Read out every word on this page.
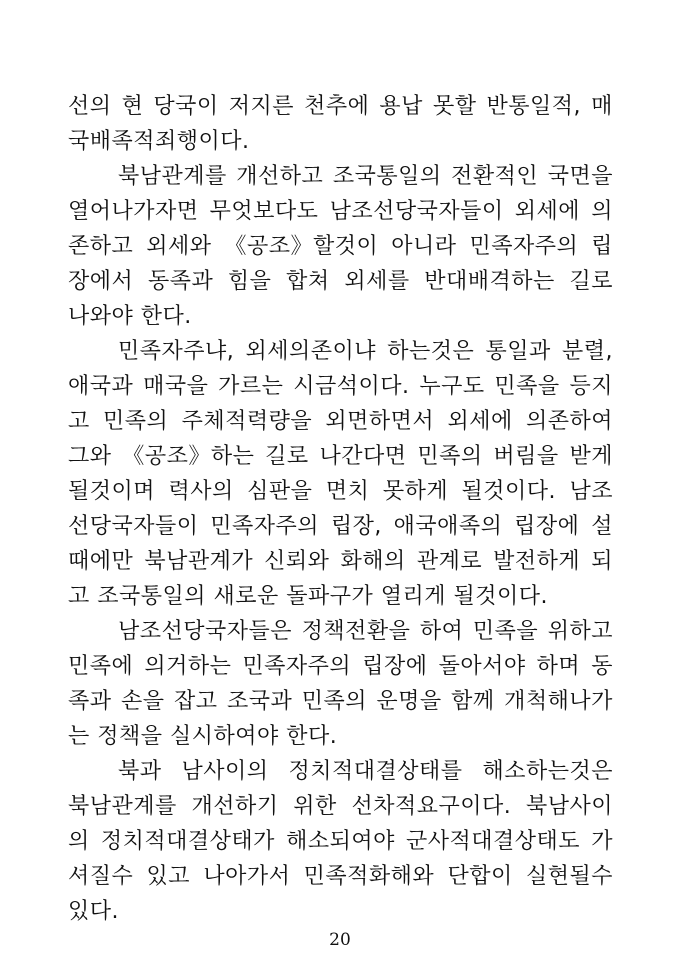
선의 현 당국이 저지른 천추에 용납 못할 반통일적, 매
국배족적죄행이다.
북남관계를 개선하고 조국통일의 전환적인 국면을
열어나가자면 무엇보다도 남조선당국자들이 외세에 의
존하고 외세와 《공조》할것이 아니라 민족자주의 립
장에서 동족과 힘을 합쳐 외세를 반대배격하는 길로
나와야 한다.
민족자주냐, 외세의존이냐 하는것은 통일과 분렬,
애국과 매국을 가르는 시금석이다. 누구도 민족을 등지
고 민족의 주체적력량을 외면하면서 외세에 의존하여
그와 《공조》하는 길로 나간다면 민족의 버림을 받게
될것이며 력사의 심판을 면치 못하게 될것이다. 남조
선당국자들이 민족자주의 립장, 애국애족의 립장에 설
때에만 북남관계가 신뢰와 화해의 관계로 발전하게 되
고 조국통일의 새로운 돌파구가 열리게 될것이다.
남조선당국자들은 정책전환을 하여 민족을 위하고
민족에 의거하는 민족자주의 립장에 돌아서야 하며 동
족과 손을 잡고 조국과 민족의 운명을 함께 개척해나가
는 정책을 실시하여야 한다.
북과 남사이의 정치적대결상태를 해소하는것은
북남관계를 개선하기 위한 선차적요구이다. 북남사이
의 정치적대결상태가 해소되여야 군사적대결상태도 가
셔질수 있고 나아가서 민족적화해와 단합이 실현될수
있다.
20
